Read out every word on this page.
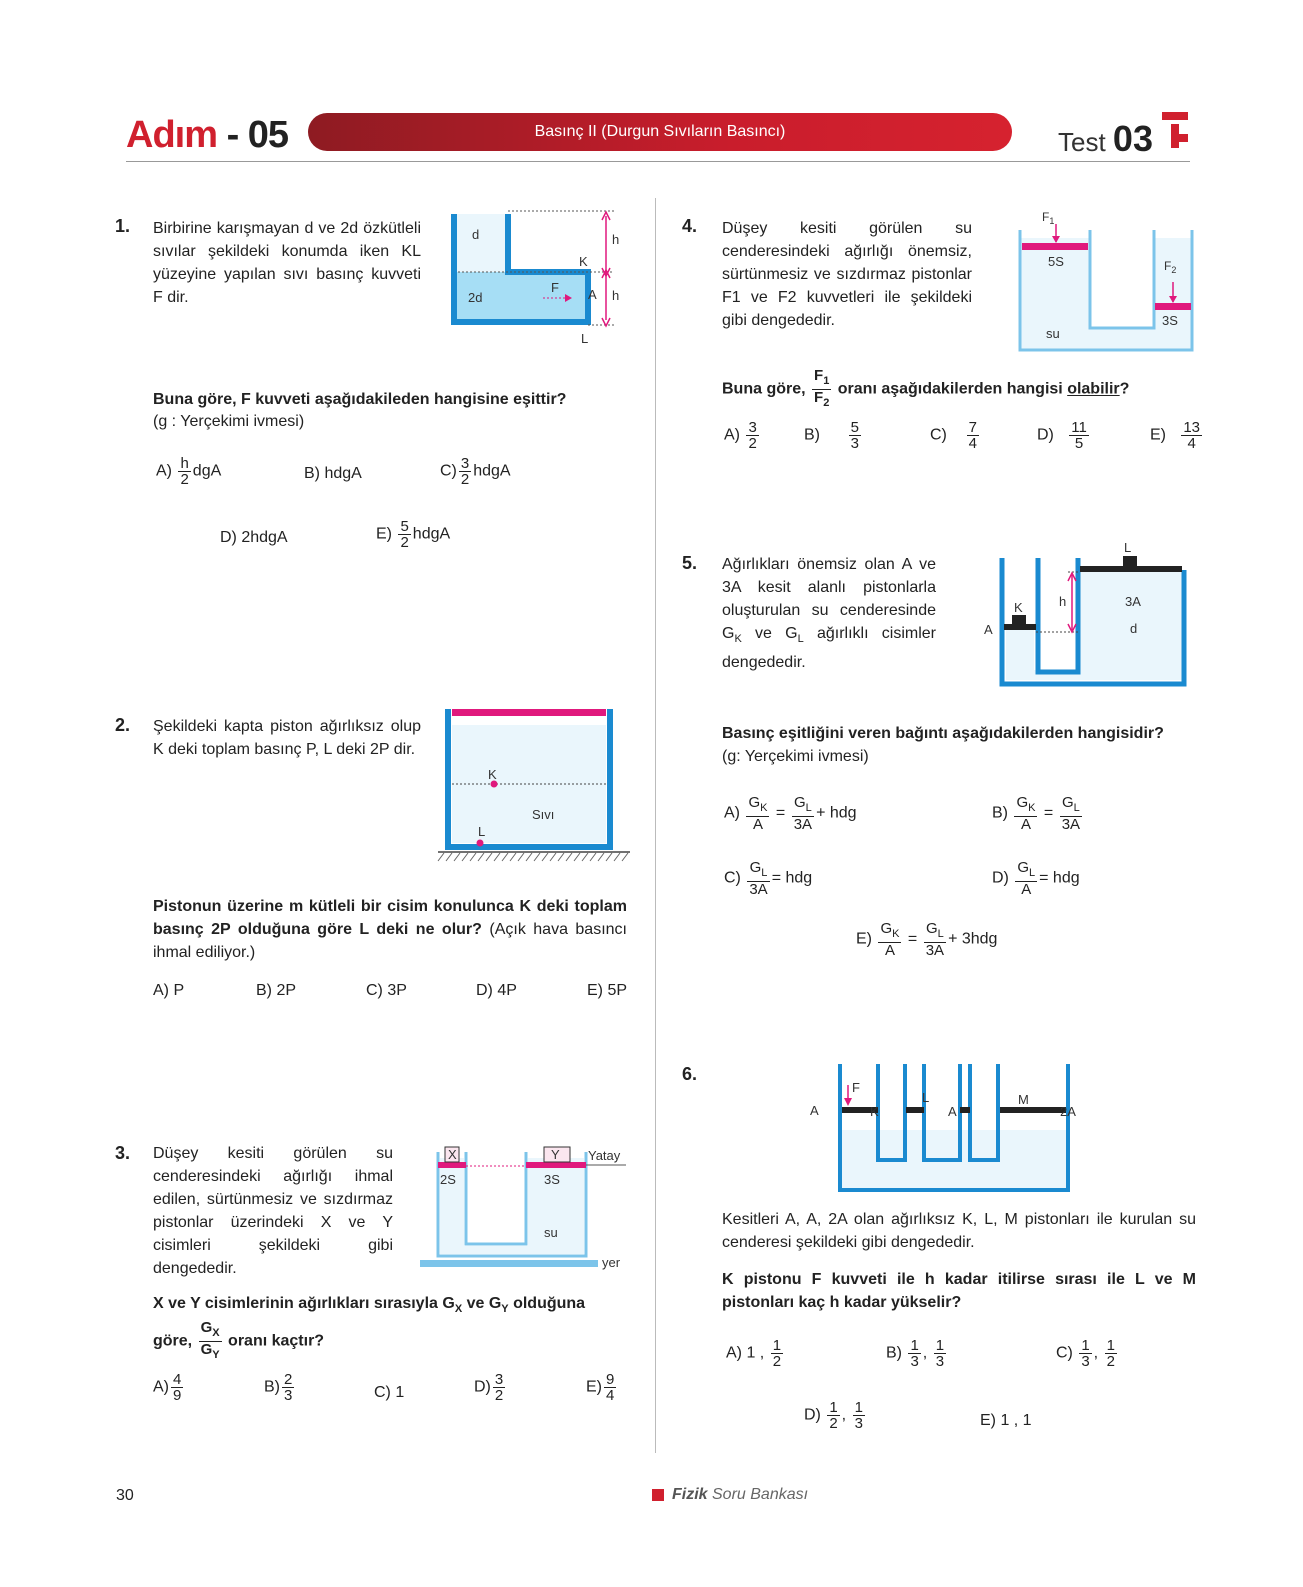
Adım - 05	Basınç II (Durgun Sıvıların Basıncı)	Test 03
1. Birbirine karışmayan d ve 2d özkütleli sıvılar şekildeki konumda iken KL yüzeyine yapılan sıvı basınç kuvveti F dir.
d
2d
F
K
A
L
h
h
Buna göre, F kuvveti aşağıdakileden hangisine eşittir?
(g : Yerçekimi ivmesi)
$A) \frac{h}{2}$ dgA	B) hdgA	$C) \frac{3}{2}$ hdgA
D) 2hdgA	$E) \frac{5}{2}$ hdgA
2. Şekildeki kapta piston ağırlıksız olup K deki toplam basınç P, L deki 2P dir.
K
L
Sıvı
Pistonun üzerine m kütleli bir cisim konulunca K deki toplam basınç 2P olduğuna göre L deki ne olur? (Açık hava basıncı ihmal ediliyor.)
A) P	B) 2P	C) 3P	D) 4P	E) 5P
3. Düşey kesiti görülen su cenderesindeki ağırlığı ihmal edilen, sürtünmesiz ve sızdırmaz pistonlar üzerindeki X ve Y cisimleri şekildeki gibi dengededir.
X	Y
2S	3S
su
Yatay
yer
X ve Y cisimlerinin ağırlıkları sırasıyla $G_X$ ve $G_Y$ olduğuna
göre, $\frac{G_X}{G_Y}$ oranı kaçtır?
$A) \frac{4}{9}$	$B) \frac{2}{3}$	C) 1	$D) \frac{3}{2}$	$E) \frac{9}{4}$
4. Düşey kesiti görülen su cenderesindeki ağırlığı önemsiz, sürtünmesiz ve sızdırmaz pistonlar F1 ve F2 kuvvetleri ile şekildeki gibi dengededir.
$F_1$
$F_2$
5S
3S
su
Buna göre, $\frac{F_1}{F_2}$ oranı aşağıdakilerden hangisi olabilir?
$A) \frac{3}{2}$	$B) \frac{5}{3}$	$C) \frac{7}{4}$	$D) \frac{11}{5}$	$E) \frac{13}{4}$
5. Ağırlıkları önemsiz olan A ve 3A kesit alanlı pistonlarla oluşturulan su cenderesinde $G_K$ ve $G_L$ ağırlıklı cisimler dengededir.
K
L
A
3A
h
d
Basınç eşitliğini veren bağıntı aşağıdakilerden hangisidir?
(g: Yerçekimi ivmesi)
$A) \frac{G_K}{A} = \frac{G_L}{3A}$ + hdg	$B) \frac{G_K}{A} = \frac{G_L}{3A}$
$C) \frac{G_L}{3A}$ = hdg	$D) \frac{G_L}{A}$ = hdg
$E) \frac{G_K}{A} = \frac{G_L}{3A} + 3hdg$
6.
A	K
F
L
A
M
2A
Kesitleri A, A, 2A olan ağırlıksız K, L, M pistonları ile kurulan su cenderesi şekildeki gibi dengededir.
K pistonu F kuvveti ile h kadar itilirse sırası ile L ve M pistonları kaç h kadar yükselir?
A) 1 , $\frac{1}{2}$	$B) \frac{1}{3}$ , $\frac{1}{3}$	$C) \frac{1}{3}$ , $\frac{1}{2}$
$D) \frac{1}{2}$ , $\frac{1}{3}$	E) 1 , 1
30	Fizik Soru Bankası
